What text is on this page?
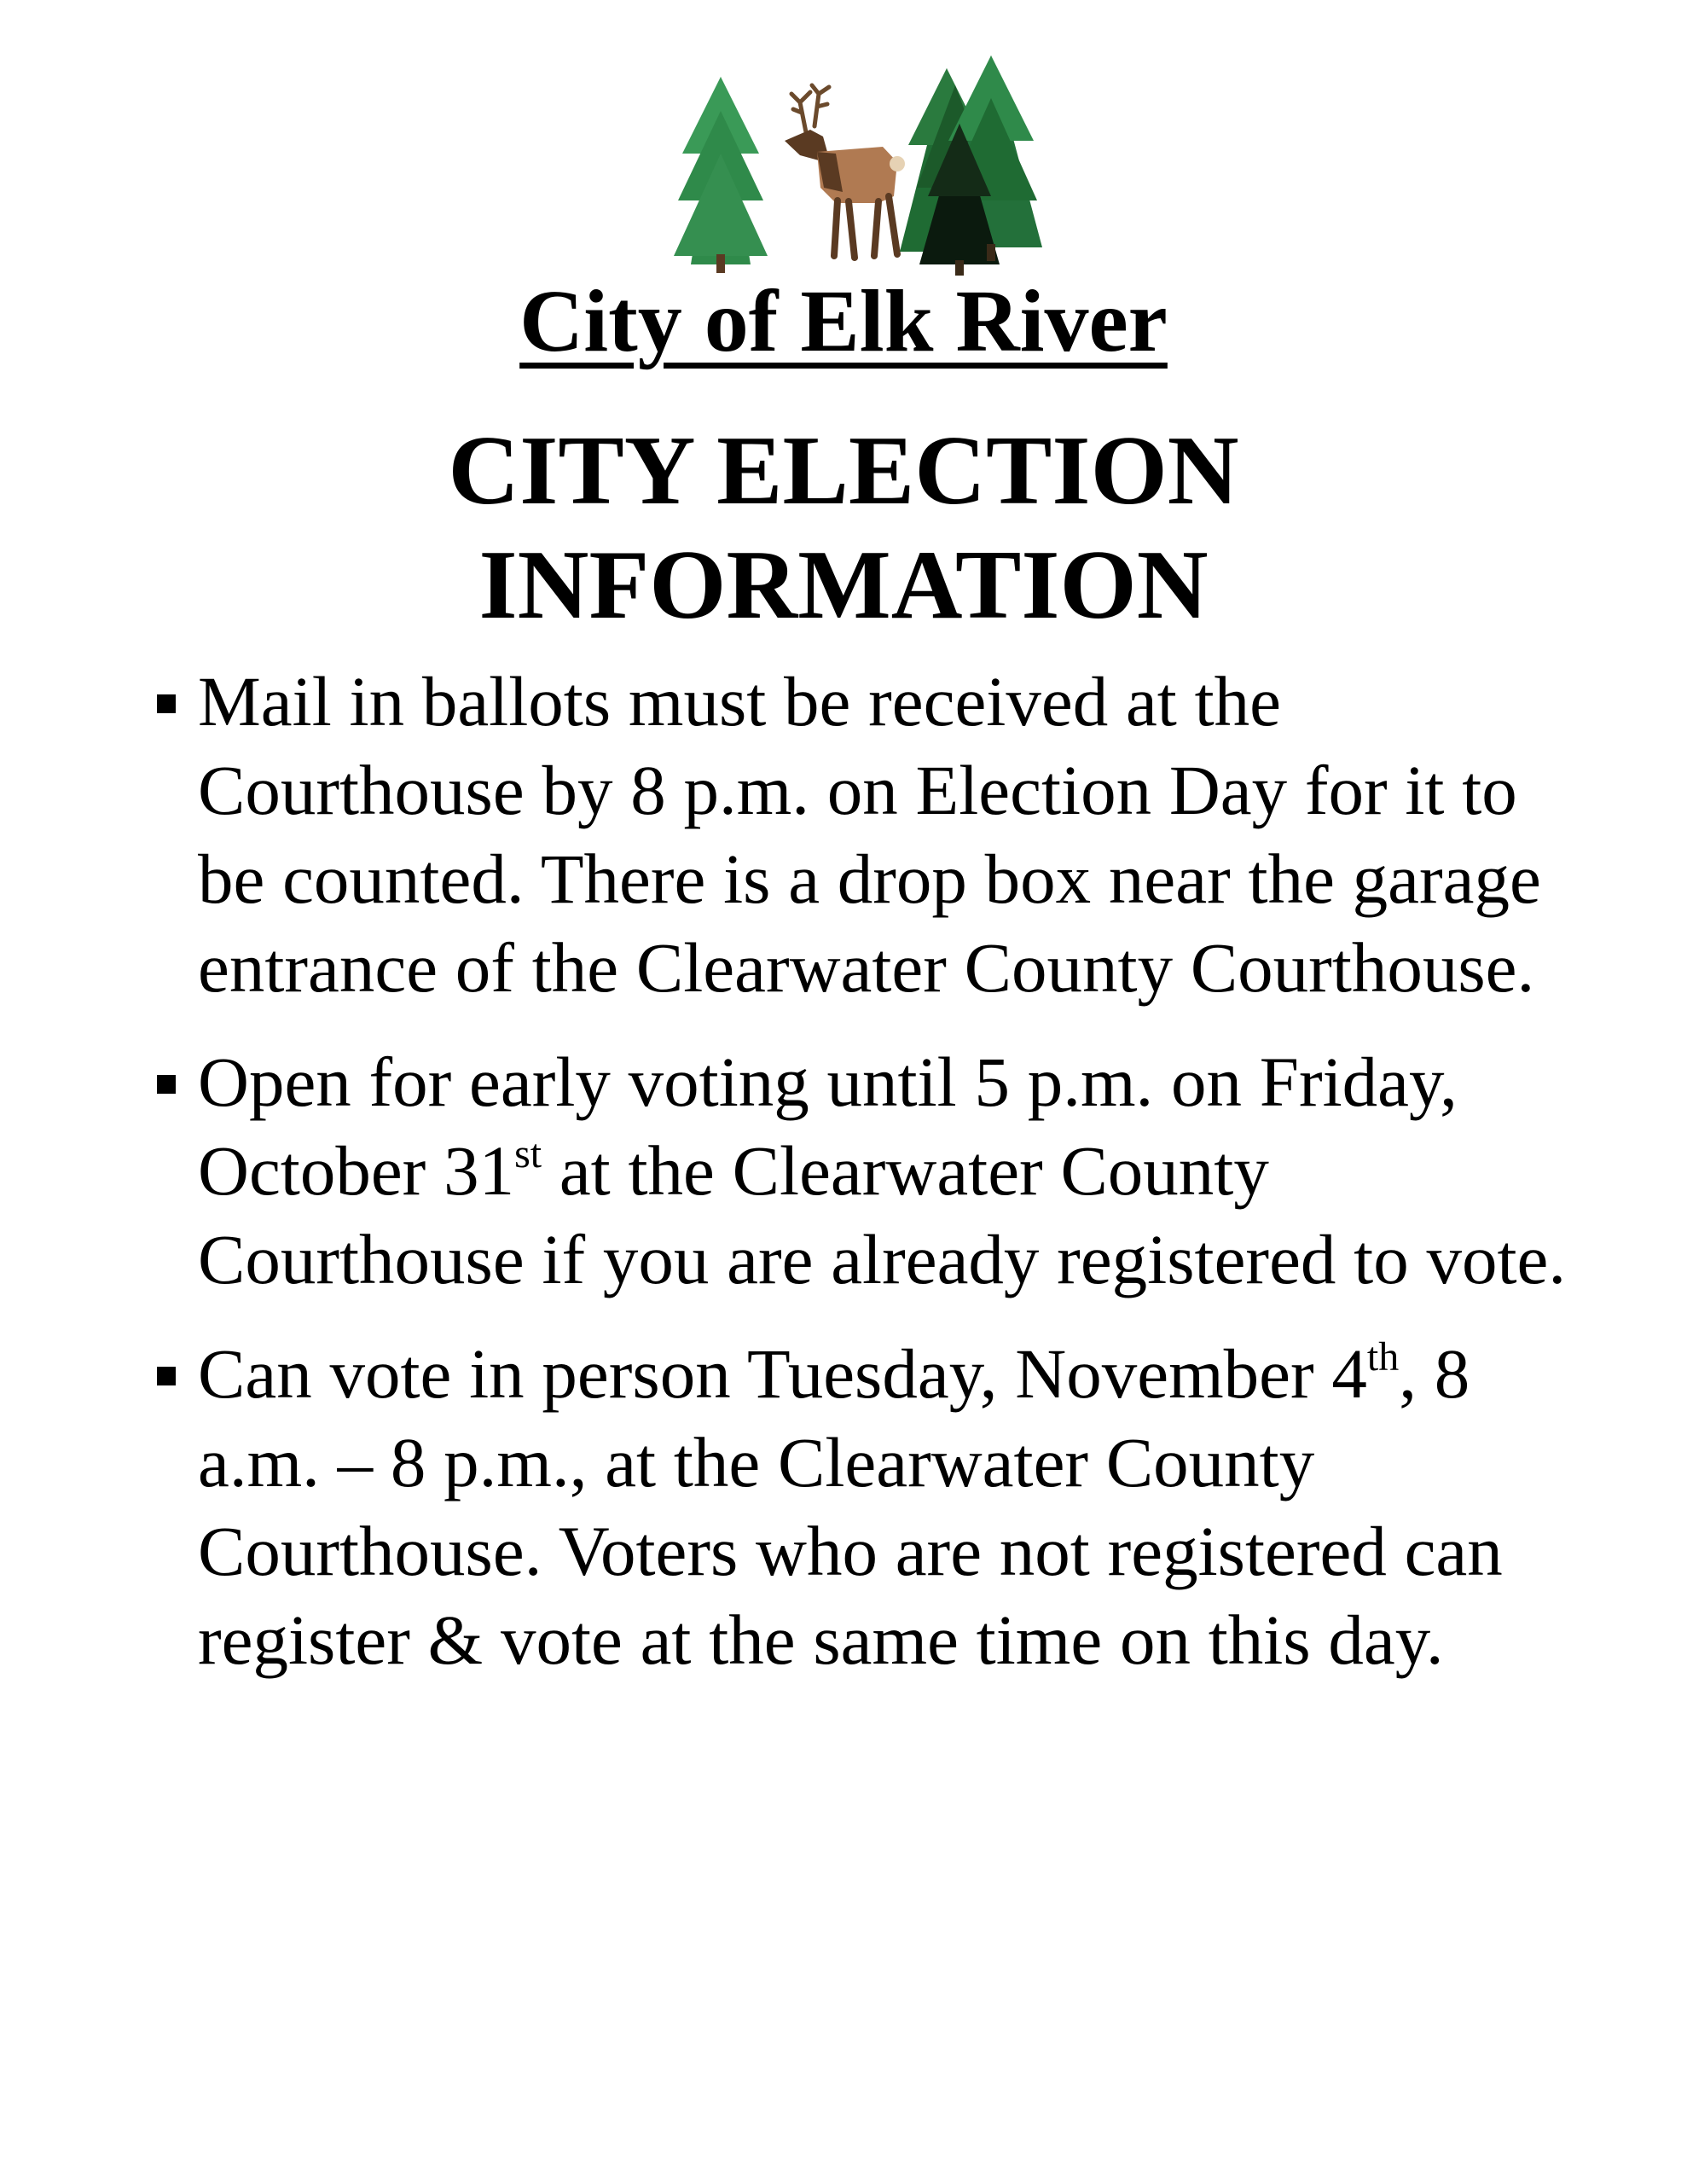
City of Elk River
CITY ELECTION
INFORMATION
Mail in ballots must be received at the Courthouse by 8 p.m. on Election Day for it to be counted. There is a drop box near the garage entrance of the Clearwater County Courthouse.
Open for early voting until 5 p.m. on Friday, October 31st at the Clearwater County Courthouse if you are already registered to vote.
Can vote in person Tuesday, November 4th, 8 a.m. – 8 p.m., at the Clearwater County Courthouse. Voters who are not registered can register & vote at the same time on this day.
